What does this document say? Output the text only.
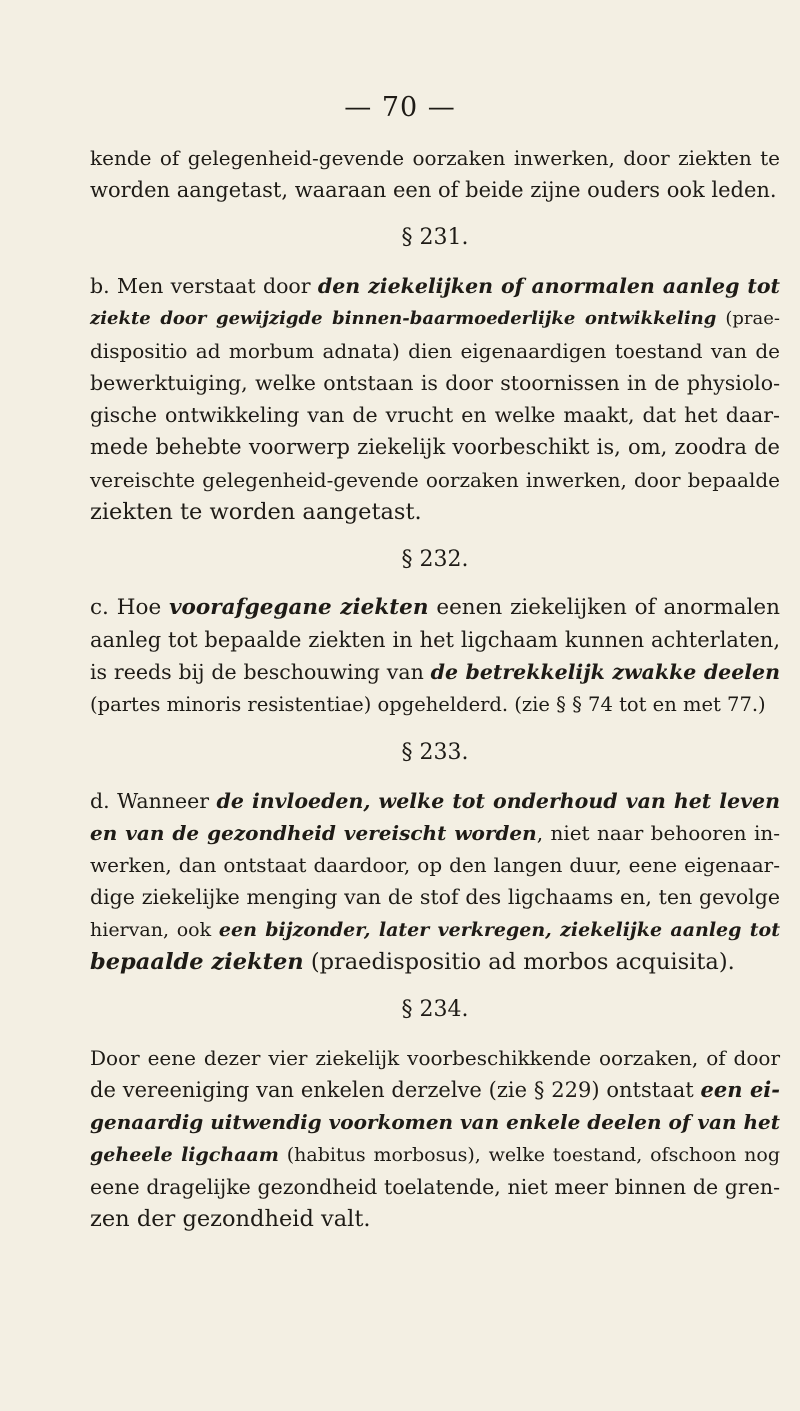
— 70 —
kende of gelegenheid-gevende oorzaken inwerken, door ziekten te
worden aangetast, waaraan een of beide zijne ouders ook leden.
§ 231.
b. Men verstaat door den ziekelijken of anormalen aanleg tot
ziekte door gewijzigde binnen-baarmoederlijke ontwikkeling (prae-
dispositio ad morbum adnata) dien eigenaardigen toestand van de
bewerktuiging, welke ontstaan is door stoornissen in de physiolo-
gische ontwikkeling van de vrucht en welke maakt, dat het daar-
mede behebte voorwerp ziekelijk voorbeschikt is, om, zoodra de
vereischte gelegenheid-gevende oorzaken inwerken, door bepaalde
ziekten te worden aangetast.
§ 232.
c. Hoe voorafgegane ziekten eenen ziekelijken of anormalen
aanleg tot bepaalde ziekten in het ligchaam kunnen achterlaten,
is reeds bij de beschouwing van de betrekkelijk zwakke deelen
(partes minoris resistentiae) opgehelderd. (zie § § 74 tot en met 77.)
§ 233.
d. Wanneer de invloeden, welke tot onderhoud van het leven
en van de gezondheid vereischt worden, niet naar behooren in-
werken, dan ontstaat daardoor, op den langen duur, eene eigenaar-
dige ziekelijke menging van de stof des ligchaams en, ten gevolge
hiervan, ook een bijzonder, later verkregen, ziekelijke aanleg tot
bepaalde ziekten (praedispositio ad morbos acquisita).
§ 234.
Door eene dezer vier ziekelijk voorbeschikkende oorzaken, of door
de vereeniging van enkelen derzelve (zie § 229) ontstaat een ei-
genaardig uitwendig voorkomen van enkele deelen of van het
geheele ligchaam (habitus morbosus), welke toestand, ofschoon nog
eene dragelijke gezondheid toelatende, niet meer binnen de gren-
zen der gezondheid valt.
